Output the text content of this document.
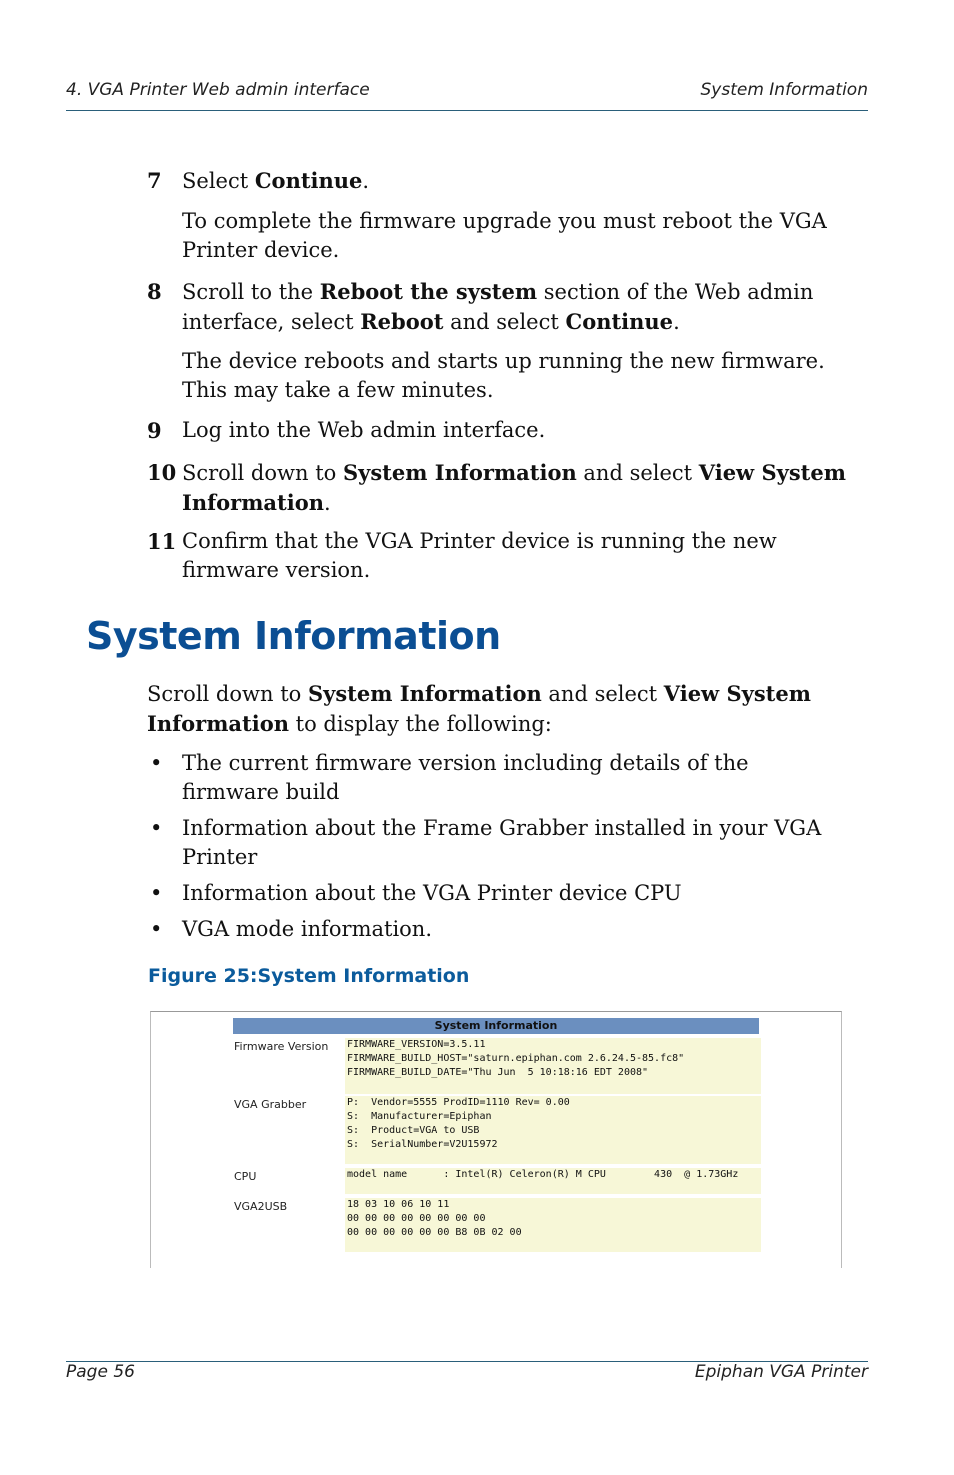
4. VGA Printer Web admin interface	System Information
7 Select Continue.
To complete the firmware upgrade you must reboot the VGA Printer device.
8 Scroll to the Reboot the system section of the Web admin interface, select Reboot and select Continue.
The device reboots and starts up running the new firmware. This may take a few minutes.
9 Log into the Web admin interface.
10 Scroll down to System Information and select View System Information.
11 Confirm that the VGA Printer device is running the new firmware version.
System Information
Scroll down to System Information and select View System Information to display the following:
• The current firmware version including details of the firmware build
• Information about the Frame Grabber installed in your VGA Printer
• Information about the VGA Printer device CPU
• VGA mode information.
Figure 25:System Information
System Information
Firmware Version FIRMWARE_VERSION=3.5.11
FIRMWARE_BUILD_HOST="saturn.epiphan.com 2.6.24.5-85.fc8"
FIRMWARE_BUILD_DATE="Thu Jun  5 10:18:16 EDT 2008"
VGA Grabber	P:  Vendor=5555 ProdID=1110 Rev= 0.00
S:  Manufacturer=Epiphan
S:  Product=VGA to USB
S:  SerialNumber=V2U15972
CPU	model name      : Intel(R) Celeron(R) M CPU        430  @ 1.73GHz
VGA2USB	18 03 10 06 10 11
00 00 00 00 00 00 00 00
00 00 00 00 00 00 B8 0B 02 00
Page 56	Epiphan VGA Printer
